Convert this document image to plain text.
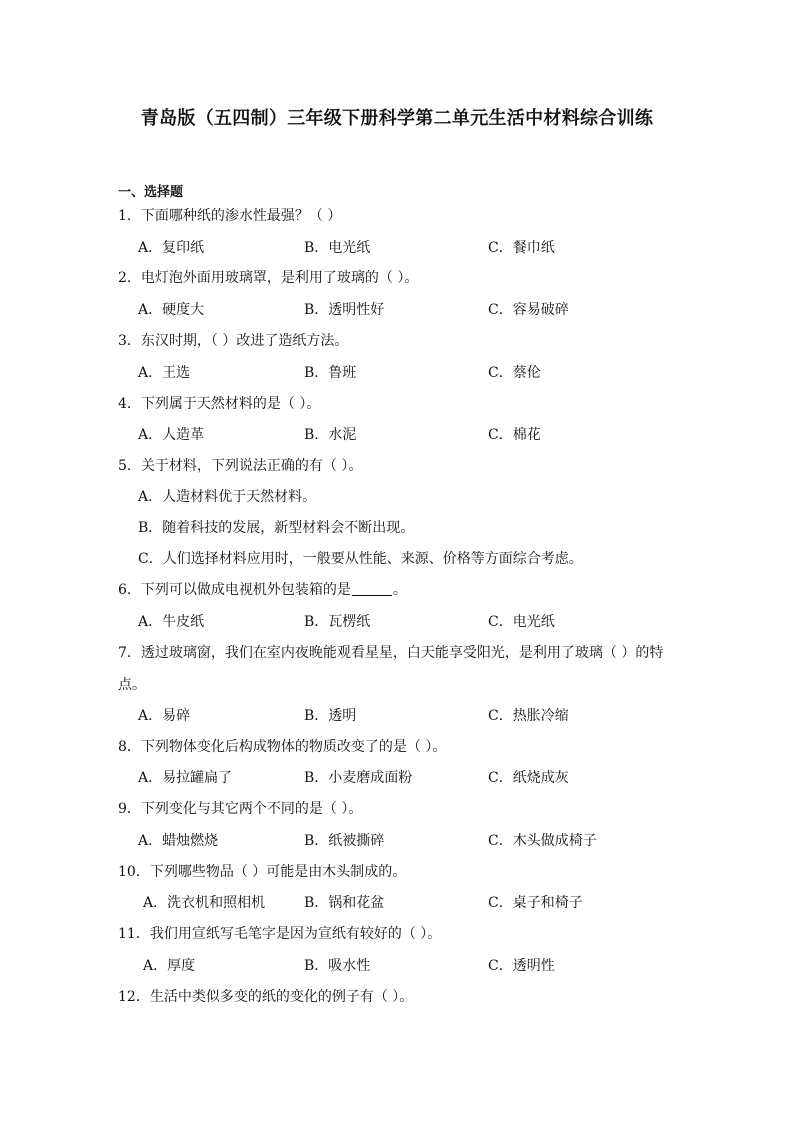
青岛版（五四制）三年级下册科学第二单元生活中材料综合训练
一、选择题
1．下面哪种纸的渗水性最强？（ ）
A．复印纸	B．电光纸	C．餐巾纸
2．电灯泡外面用玻璃罩，是利用了玻璃的（ ）。
A．硬度大	B．透明性好	C．容易破碎
3．东汉时期，（ ）改进了造纸方法。
A．王选	B．鲁班	C．蔡伦
4．下列属于天然材料的是（ ）。
A．人造革	B．水泥	C．棉花
5．关于材料，下列说法正确的有（ ）。
A．人造材料优于天然材料。
B．随着科技的发展，新型材料会不断出现。
C．人们选择材料应用时，一般要从性能、来源、价格等方面综合考虑。
6．下列可以做成电视机外包装箱的是	。
A．牛皮纸	B．瓦楞纸	C．电光纸
7．透过玻璃窗，我们在室内夜晚能观看星星，白天能享受阳光，是利用了玻璃（ ）的特
点。
A．易碎	B．透明	C．热胀冷缩
8．下列物体变化后构成物体的物质改变了的是（ ）。
A．易拉罐扁了	B．小麦磨成面粉	C．纸烧成灰
9．下列变化与其它两个不同的是（ ）。
A．蜡烛燃烧	B．纸被撕碎	C．木头做成椅子
10．下列哪些物品（ ）可能是由木头制成的。
A．洗衣机和照相机	B．锅和花盆	C．桌子和椅子
11．我们用宣纸写毛笔字是因为宣纸有较好的（ ）。
A．厚度	B．吸水性	C．透明性
12．生活中类似多变的纸的变化的例子有（ ）。
